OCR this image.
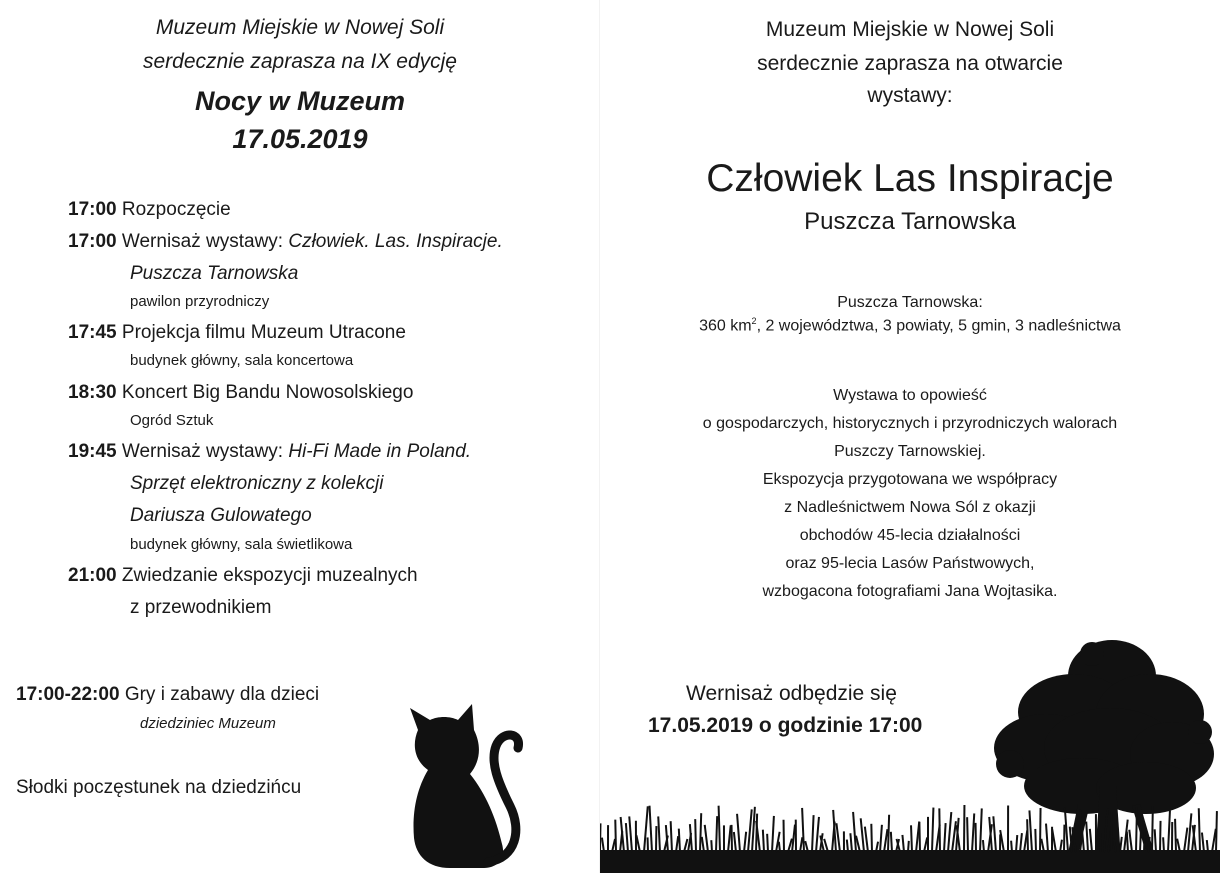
Muzeum Miejskie w Nowej Soli
serdecznie zaprasza na IX edycję
Nocy w Muzeum
17.05.2019
17:00 Rozpoczęcie
17:00 Wernisaż wystawy: Człowiek. Las. Inspiracje.
Puszcza Tarnowska
pawilon przyrodniczy
17:45 Projekcja filmu Muzeum Utracone
budynek główny, sala koncertowa
18:30 Koncert Big Bandu Nowosolskiego
Ogród Sztuk
19:45 Wernisaż wystawy: Hi-Fi Made in Poland.
Sprzęt elektroniczny z kolekcji
Dariusza Gulowatego
budynek główny, sala świetlikowa
21:00 Zwiedzanie ekspozycji muzealnych
z przewodnikiem
17:00-22:00 Gry i zabawy dla dzieci
dziedziniec Muzeum
Słodki poczęstunek na dziedzińcu
Muzeum Miejskie w Nowej Soli
serdecznie zaprasza na otwarcie
wystawy:
Człowiek Las Inspiracje
Puszcza Tarnowska
Puszcza Tarnowska:
360 $km^2$, 2 województwa, 3 powiaty, 5 gmin, 3 nadleśnictwa
Wystawa to opowieść
o gospodarczych, historycznych i przyrodniczych walorach
Puszczy Tarnowskiej.
Ekspozycja przygotowana we współpracy
z Nadleśnictwem Nowa Sól z okazji
obchodów 45-lecia działalności
oraz 95-lecia Lasów Państwowych,
wzbogacona fotografiami Jana Wojtasika.
Wernisaż odbędzie się
17.05.2019 o godzinie 17:00
